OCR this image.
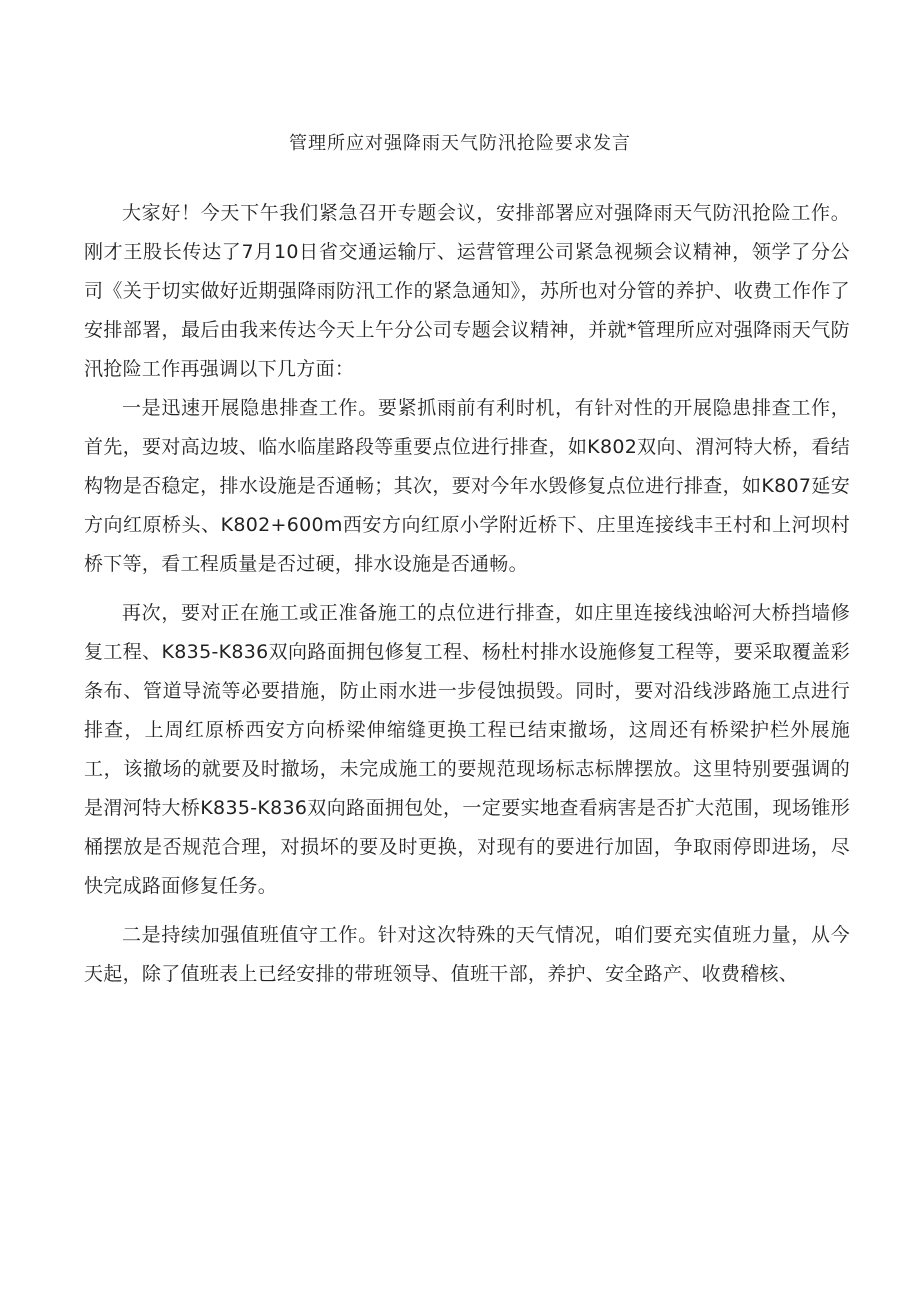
管理所应对强降雨天气防汛抢险要求发言

大家好！今天下午我们紧急召开专题会议，安排部署应对强降雨天气防汛抢险工作。刚才王股长传达了7月10日省交通运输厅、运营管理公司紧急视频会议精神，领学了分公司《关于切实做好近期强降雨防汛工作的紧急通知》，苏所也对分管的养护、收费工作作了安排部署，最后由我来传达今天上午分公司专题会议精神，并就*管理所应对强降雨天气防汛抢险工作再强调以下几方面：

一是迅速开展隐患排查工作。要紧抓雨前有利时机，有针对性的开展隐患排查工作，首先，要对高边坡、临水临崖路段等重要点位进行排查，如K802双向、渭河特大桥，看结构物是否稳定，排水设施是否通畅；其次，要对今年水毁修复点位进行排查，如K807延安方向红原桥头、K802+600m西安方向红原小学附近桥下、庄里连接线丰王村和上河坝村桥下等，看工程质量是否过硬，排水设施是否通畅。

再次，要对正在施工或正准备施工的点位进行排查，如庄里连接线浊峪河大桥挡墙修复工程、K835-K836双向路面拥包修复工程、杨杜村排水设施修复工程等，要采取覆盖彩条布、管道导流等必要措施，防止雨水进一步侵蚀损毁。同时，要对沿线涉路施工点进行排查，上周红原桥西安方向桥梁伸缩缝更换工程已结束撤场，这周还有桥梁护栏外展施工，该撤场的就要及时撤场，未完成施工的要规范现场标志标牌摆放。这里特别要强调的是渭河特大桥K835-K836双向路面拥包处，一定要实地查看病害是否扩大范围，现场锥形桶摆放是否规范合理，对损坏的要及时更换，对现有的要进行加固，争取雨停即进场，尽快完成路面修复任务。

二是持续加强值班值守工作。针对这次特殊的天气情况，咱们要充实值班力量，从今天起，除了值班表上已经安排的带班领导、值班干部，养护、安全路产、收费稽核、
